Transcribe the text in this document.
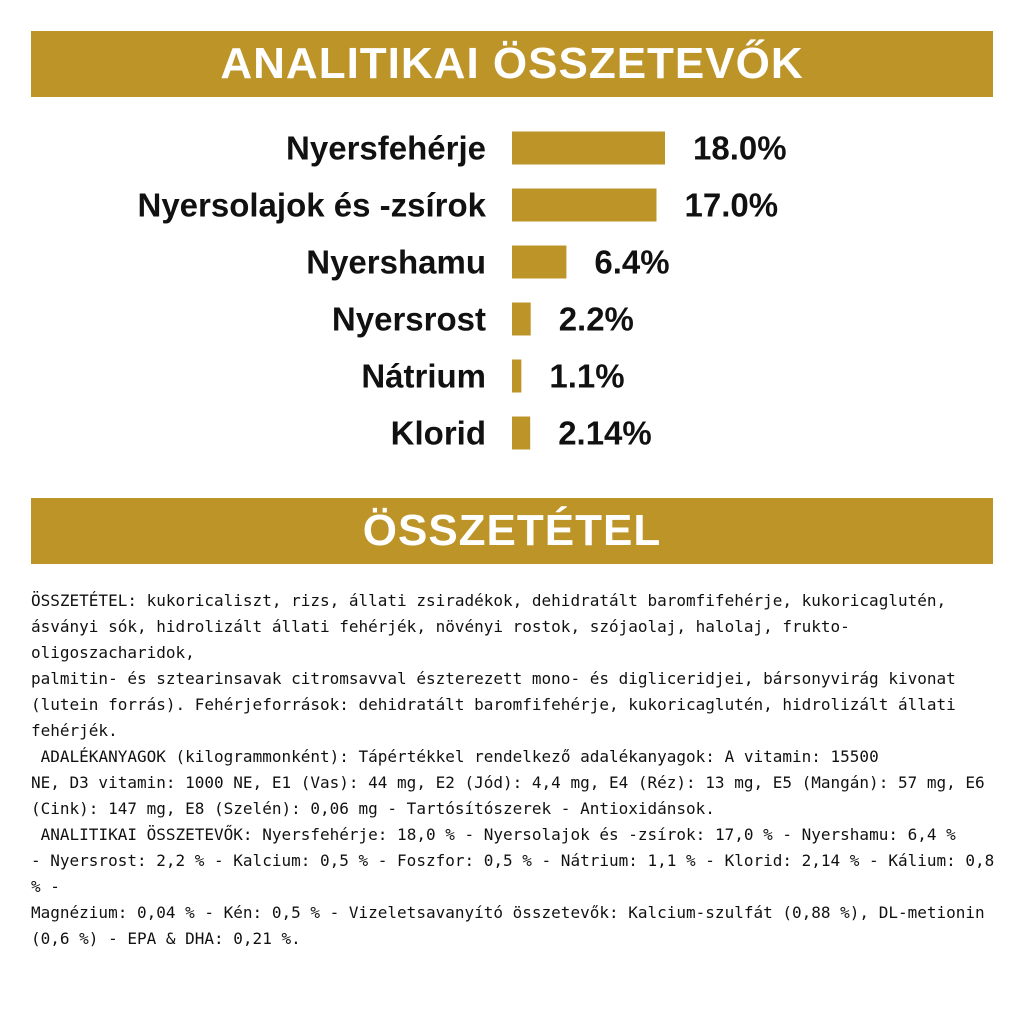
ANALITIKAI ÖSSZETEVŐK
Nyersfehérje	18.0%
Nyersolajok és -zsírok	17.0%
Nyershamu	6.4%
Nyersrost 2.2%
Nátrium 1.1%
Klorid 2.14%
ÖSSZETÉTEL
ÖSSZETÉTEL: kukoricaliszt, rizs, állati zsiradékok, dehidratált baromfifehérje, kukoricaglutén,
ásványi sók, hidrolizált állati fehérjék, növényi rostok, szójaolaj, halolaj, frukto-oligoszacharidok,
palmitin- és sztearinsavak citromsavval észterezett mono- és digliceridjei, bársonyvirág kivonat
(lutein forrás). Fehérjeforrások: dehidratált baromfifehérje, kukoricaglutén, hidrolizált állati fehérjék.
ADALÉKANYAGOK (kilogrammonként): Tápértékkel rendelkező adalékanyagok: A vitamin: 15500
NE, D3 vitamin: 1000 NE, E1 (Vas): 44 mg, E2 (Jód): 4,4 mg, E4 (Réz): 13 mg, E5 (Mangán): 57 mg, E6
(Cink): 147 mg, E8 (Szelén): 0,06 mg - Tartósítószerek - Antioxidánsok.
ANALITIKAI ÖSSZETEVŐK: Nyersfehérje: 18,0 % - Nyersolajok és -zsírok: 17,0 % - Nyershamu: 6,4 %
- Nyersrost: 2,2 % - Kalcium: 0,5 % - Foszfor: 0,5 % - Nátrium: 1,1 % - Klorid: 2,14 % - Kálium: 0,8 % -
Magnézium: 0,04 % - Kén: 0,5 % - Vizeletsavanyító összetevők: Kalcium-szulfát (0,88 %), DL-metionin
(0,6 %) - EPA & DHA: 0,21 %.
